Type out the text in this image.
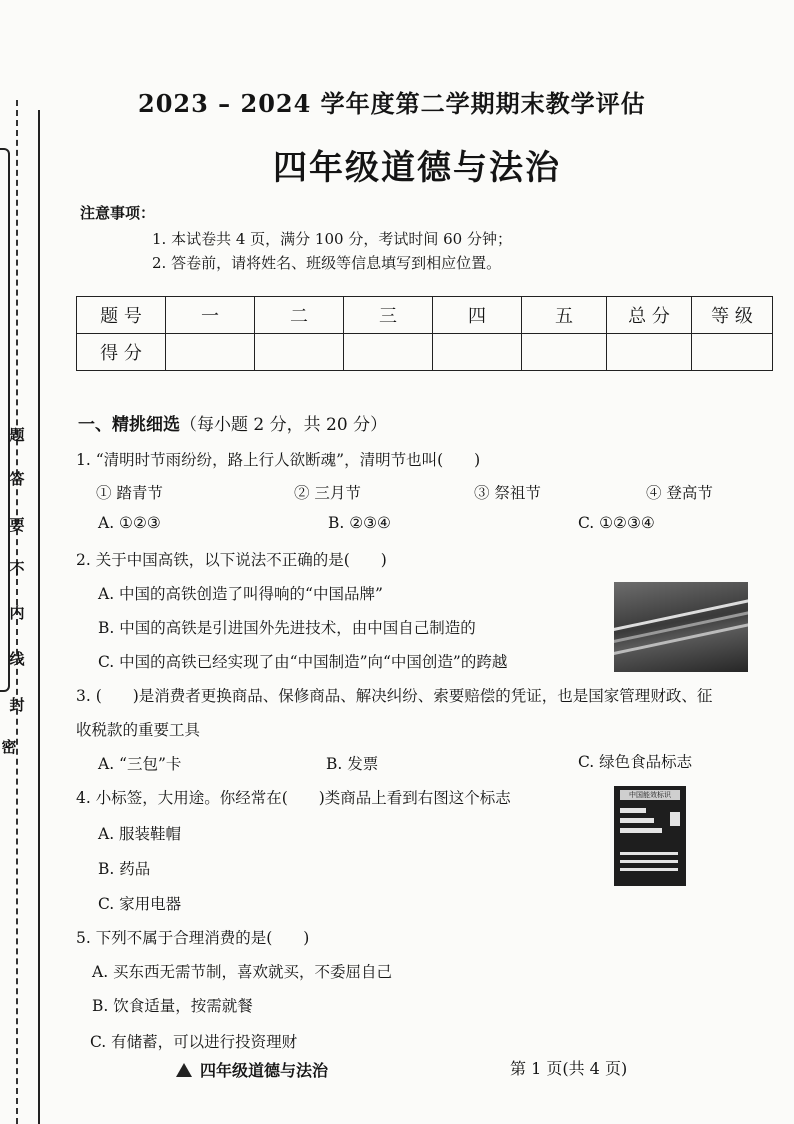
题
答
要
不
内
线
封
密
2023 – 2024 学年度第二学期期末教学评估
四年级道德与法治
注意事项：
1. 本试卷共 4 页，满分 100 分，考试时间 60 分钟；
2. 答卷前，请将姓名、班级等信息填写到相应位置。
题 号	一	二	三	四	五	总 分	等 级
得 分							
一、精挑细选（每小题 2 分，共 20 分）
1. “清明时节雨纷纷，路上行人欲断魂”，清明节也叫(　　)
① 踏青节	② 三月节	③ 祭祖节	④ 登高节
A. ①②③	B. ②③④	C. ①②③④
2. 关于中国高铁，以下说法不正确的是(　　)
A. 中国的高铁创造了叫得响的“中国品牌”
B. 中国的高铁是引进国外先进技术，由中国自己制造的
C. 中国的高铁已经实现了由“中国制造”向“中国创造”的跨越
3. (　　)是消费者更换商品、保修商品、解决纠纷、索要赔偿的凭证，也是国家管理财政、征
收税款的重要工具
A. “三包”卡	B. 发票	C. 绿色食品标志
4. 小标签，大用途。你经常在(　　)类商品上看到右图这个标志
A. 服装鞋帽
B. 药品
C. 家用电器
中国能效标识
5. 下列不属于合理消费的是(　　)
A. 买东西无需节制，喜欢就买，不委屈自己
B. 饮食适量，按需就餐
C. 有储蓄，可以进行投资理财
四年级道德与法治	第 1 页(共 4 页)
